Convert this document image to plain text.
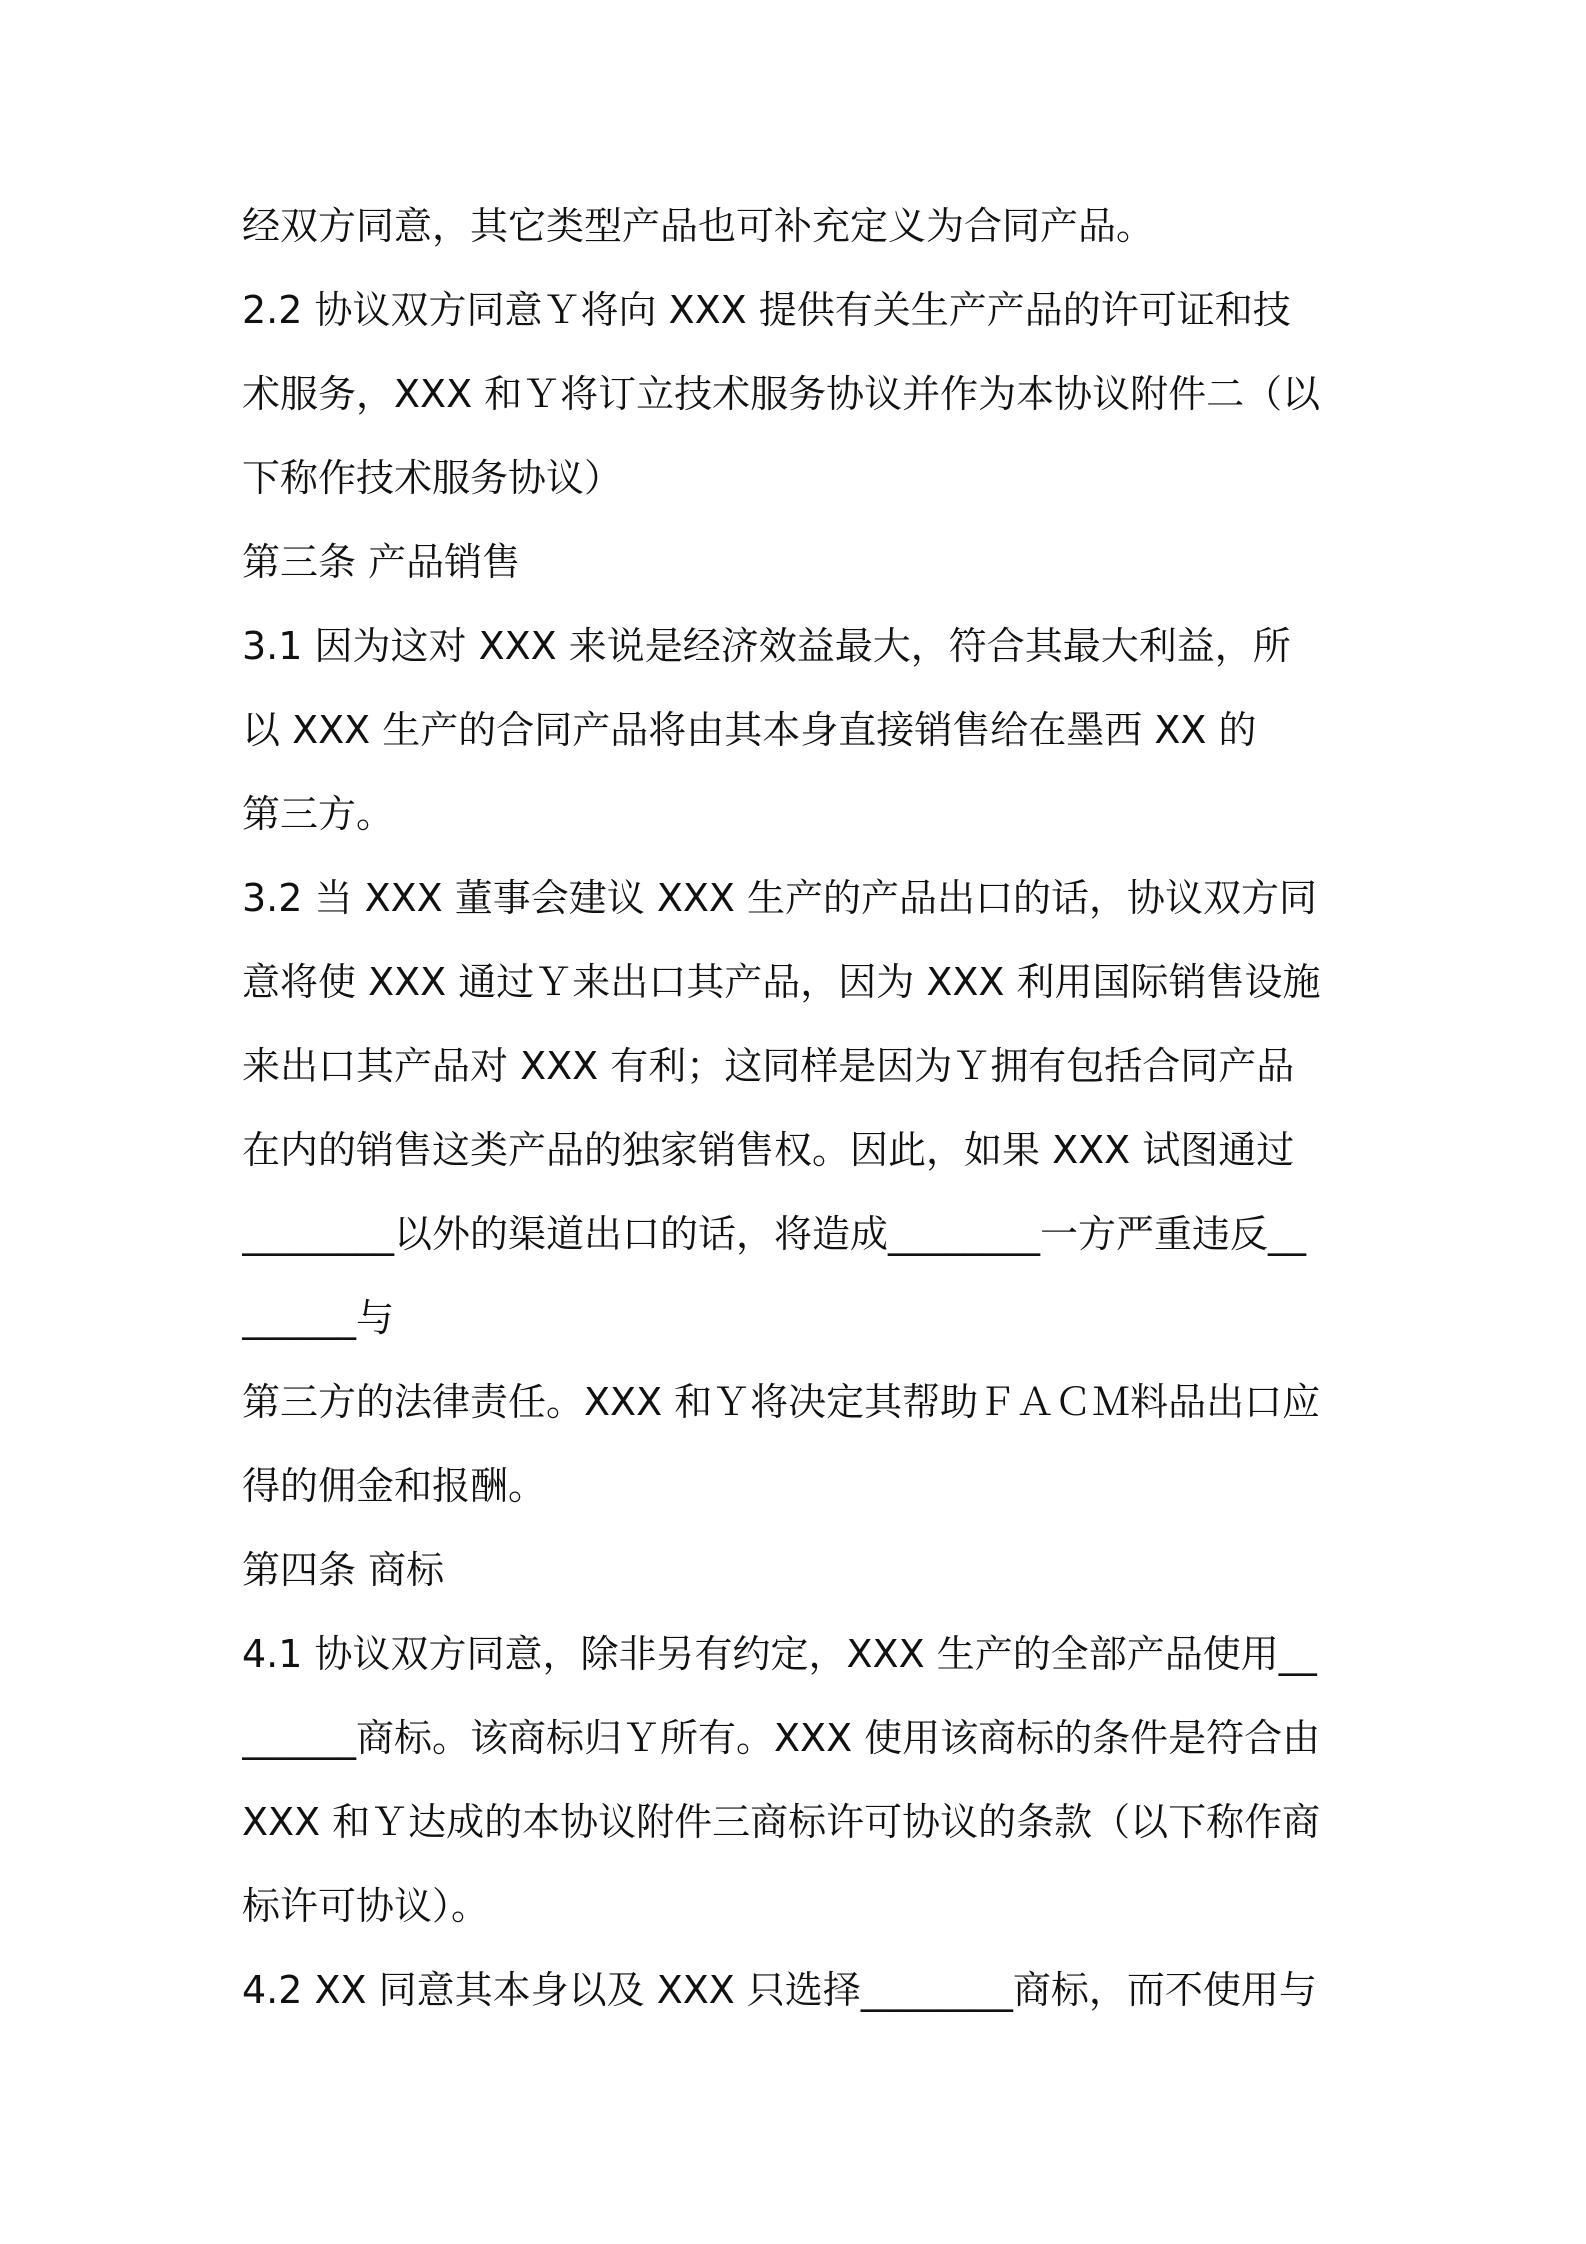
经双方同意，其它类型产品也可补充定义为合同产品。

2.2 协议双方同意Ｙ将向 XXX 提供有关生产产品的许可证和技

术服务，XXX 和Ｙ将订立技术服务协议并作为本协议附件二（以

下称作技术服务协议）

第三条 产品销售

3.1 因为这对 XXX 来说是经济效益最大，符合其最大利益，所

以 XXX 生产的合同产品将由其本身直接销售给在墨西 XX 的

第三方。

3.2 当 XXX 董事会建议 XXX 生产的产品出口的话，协议双方同

意将使 XXX 通过Ｙ来出口其产品，因为 XXX 利用国际销售设施

来出口其产品对 XXX 有利；这同样是因为Ｙ拥有包括合同产品

在内的销售这类产品的独家销售权。因此，如果 XXX 试图通过

________以外的渠道出口的话，将造成________一方严重违反__

______与

第三方的法律责任。XXX 和Ｙ将决定其帮助ＦＡＣＭ料品出口应

得的佣金和报酬。

第四条 商标

4.1 协议双方同意，除非另有约定，XXX 生产的全部产品使用__

______商标。该商标归Ｙ所有。XXX 使用该商标的条件是符合由

XXX 和Ｙ达成的本协议附件三商标许可协议的条款（以下称作商

标许可协议）。

4.2 XX 同意其本身以及 XXX 只选择________商标，而不使用与
